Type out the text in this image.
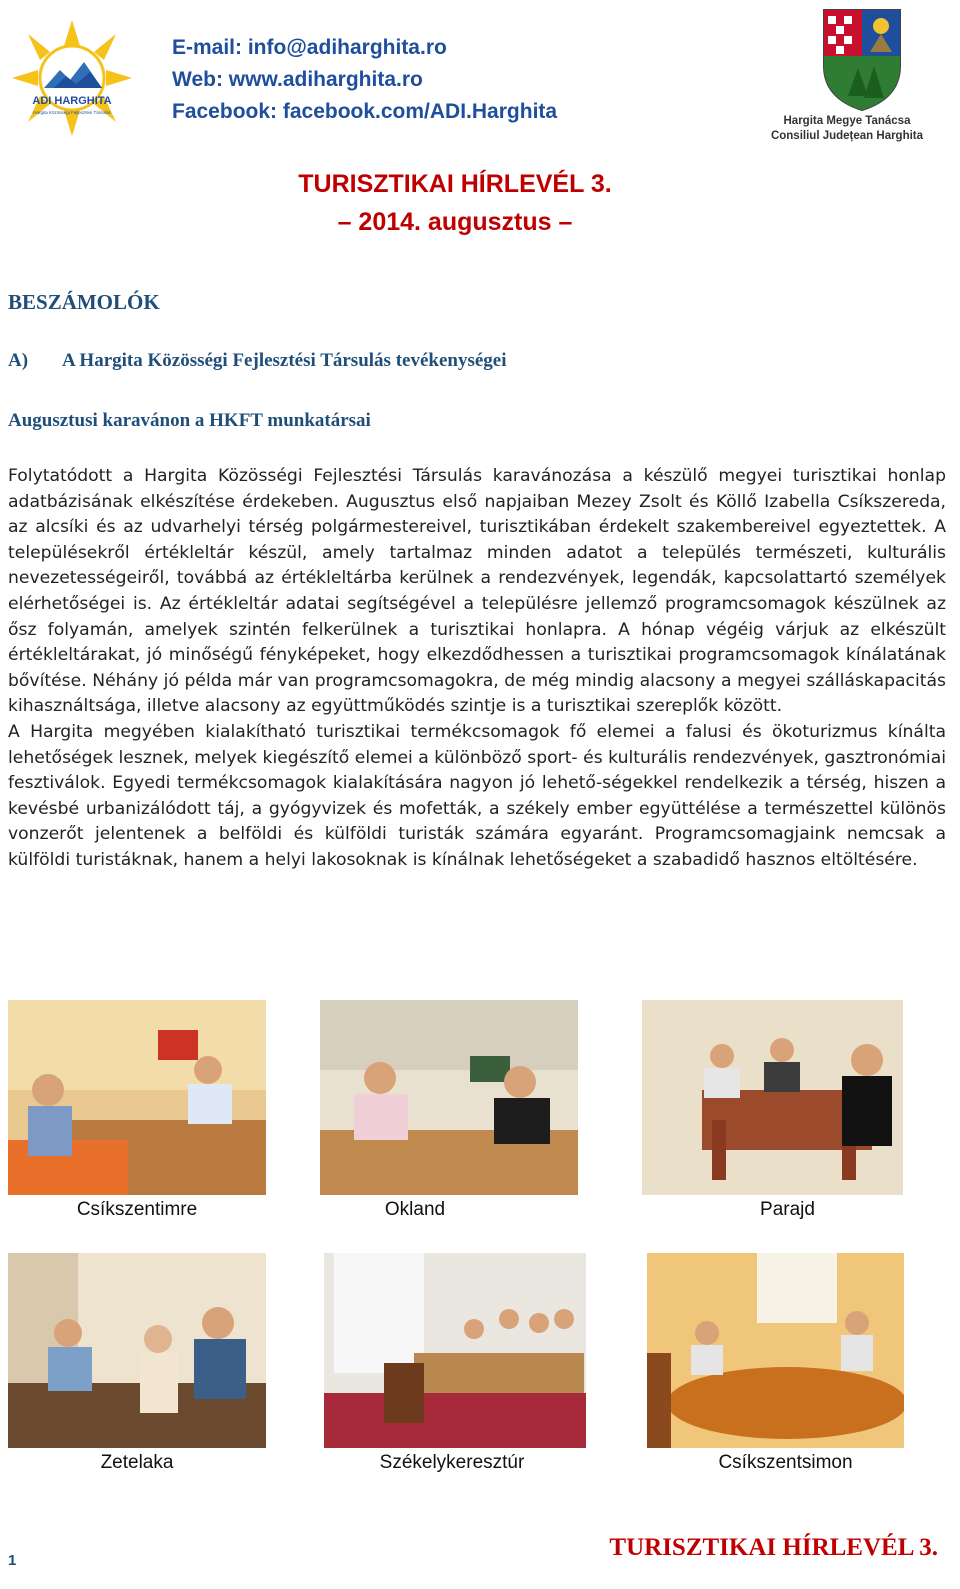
ADI HARGHITA
Hargita Közösségi Fejlesztési Társulás
E-mail: info@adiharghita.ro
Web: www.adiharghita.ro
Facebook: facebook.com/ADI.Harghita	Hargita Megye Tanácsa
Consiliul Județean Harghita
TURISZTIKAI HÍRLEVÉL 3.
– 2014. augusztus –
BESZÁMOLÓK
A) A Hargita Közösségi Fejlesztési Társulás tevékenységei
Augusztusi karavánon a HKFT munkatársai

Folytatódott a Hargita Közösségi Fejlesztési Társulás karavánozása a készülő megyei turisztikai honlap adatbázisának elkészítése érdekeben. Augusztus első napjaiban Mezey Zsolt és Köllő Izabella Csíkszereda, az alcsíki és az udvarhelyi térség polgármestereivel, turisztikában érdekelt szakembereivel egyeztettek. A településekről értékleltár készül, amely tartalmaz minden adatot a település természeti, kulturális nevezetességeiről, továbbá az értékleltárba kerülnek a rendezvények, legendák, kapcsolattartó személyek elérhetőségei is. Az értékleltár adatai segítségével a településre jellemző programcsomagok készülnek az ősz folyamán, amelyek szintén felkerülnek a turisztikai honlapra. A hónap végéig várjuk az elkészült értékleltárakat, jó minőségű fényképeket, hogy elkezdődhessen a turisztikai programcsomagok kínálatának bővítése. Néhány jó példa már van programcsomagokra, de még mindig alacsony a megyei szálláskapacitás kihasználtsága, illetve alacsony az együttműködés szintje is a turisztikai szereplők között.

A Hargita megyében kialakítható turisztikai termékcsomagok fő elemei a falusi és ökoturizmus kínálta lehetőségek lesznek, melyek kiegészítő elemei a különböző sport- és kulturális rendezvények, gasztronómiai fesztiválok. Egyedi termékcsomagok kialakítására nagyon jó lehető-ségekkel rendelkezik a térség, hiszen a kevésbé urbanizálódott táj, a gyógyvizek és mofetták, a székely ember együttélése a természettel különös vonzerőt jelentenek a belföldi és külföldi turisták számára egyaránt. Programcsomagjaink nemcsak a külföldi turistáknak, hanem a helyi lakosoknak is kínálnak lehetőségeket a szabadidő hasznos eltöltésére.

Csíkszentimre	Okland	Parajd
Zetelaka	Székelykeresztúr	Csíkszentsimon
1	TURISZTIKAI HÍRLEVÉL 3.
